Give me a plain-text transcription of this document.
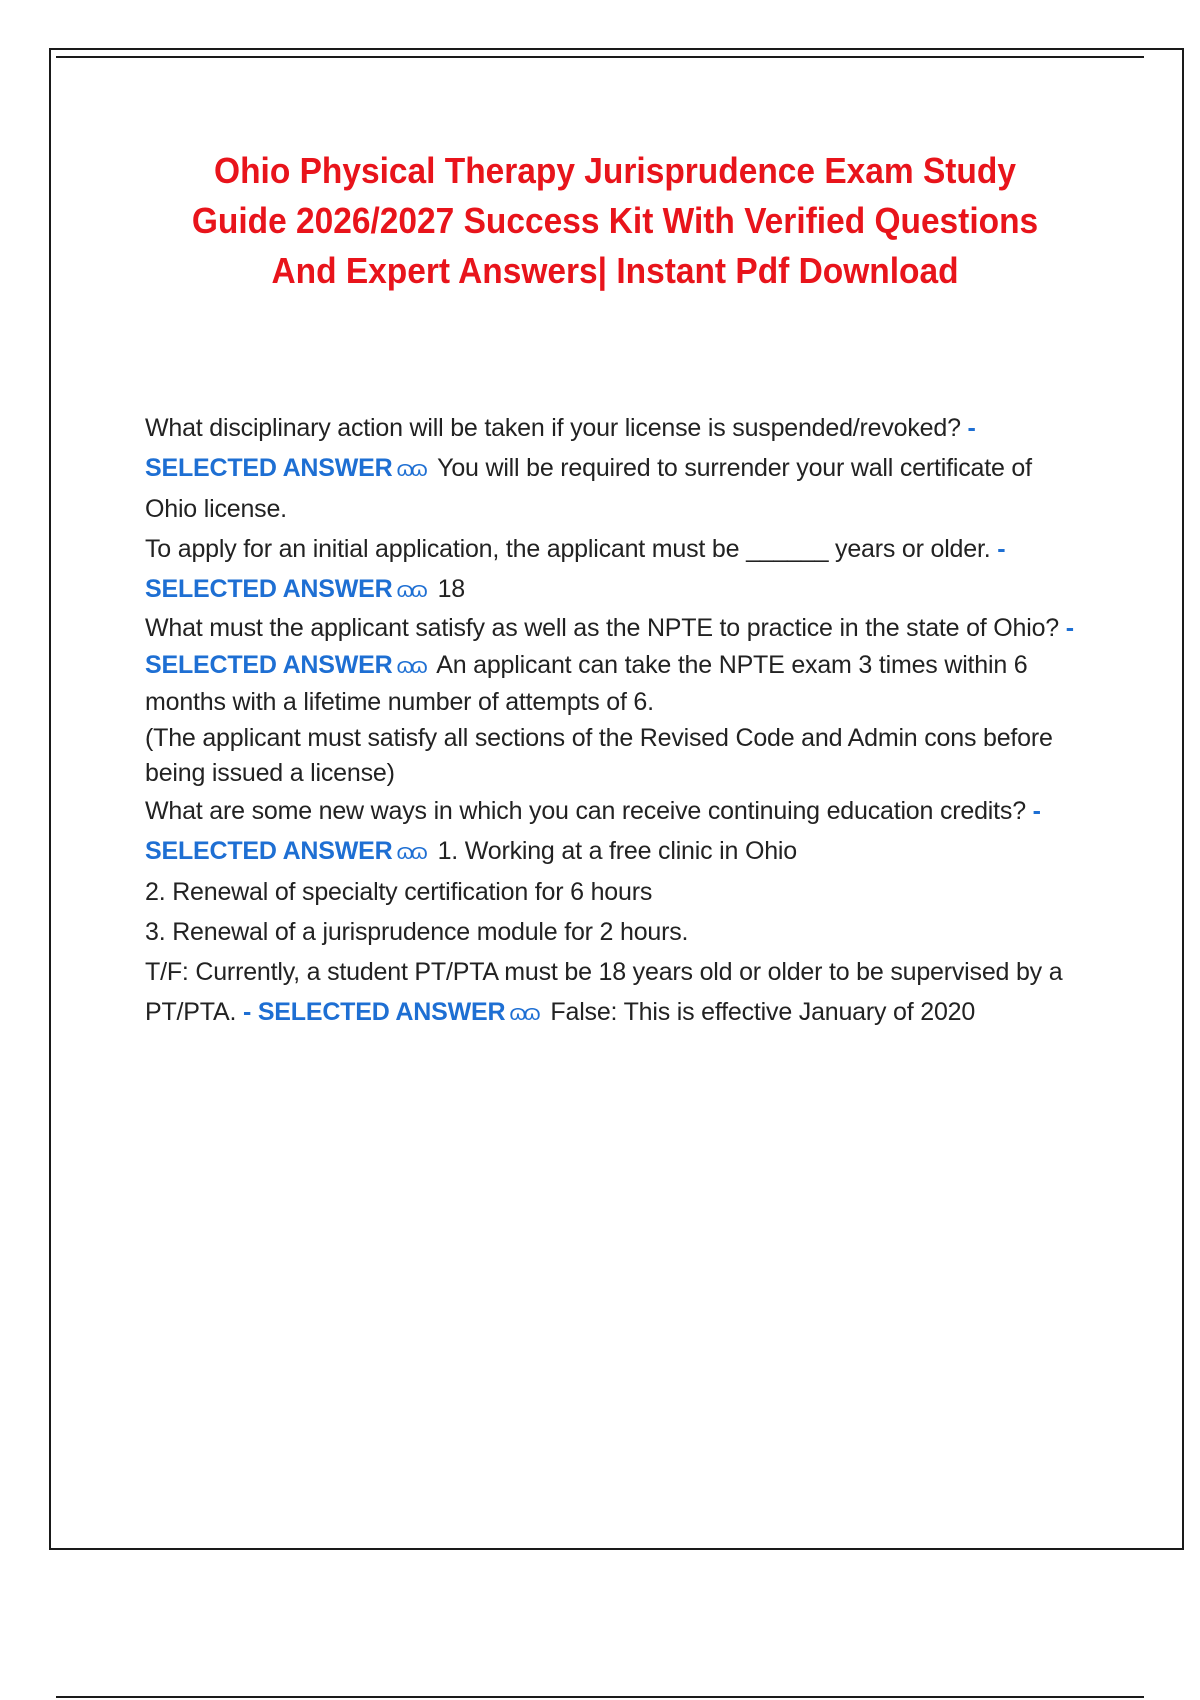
Ohio Physical Therapy Jurisprudence Exam Study Guide 2026/2027 Success Kit With Verified Questions And Expert Answers| Instant Pdf Download

What disciplinary action will be taken if your license is suspended/revoked? - SELECTED ANSWER ɷɷ You will be required to surrender your wall certificate of Ohio license.

To apply for an initial application, the applicant must be ______ years or older. - SELECTED ANSWER ɷɷ 18

What must the applicant satisfy as well as the NPTE to practice in the state of Ohio? - SELECTED ANSWER ɷɷ An applicant can take the NPTE exam 3 times within 6 months with a lifetime number of attempts of 6.

(The applicant must satisfy all sections of the Revised Code and Admin cons before being issued a license)

What are some new ways in which you can receive continuing education credits? - SELECTED ANSWER ɷɷ 1. Working at a free clinic in Ohio

2. Renewal of specialty certification for 6 hours

3. Renewal of a jurisprudence module for 2 hours.

T/F: Currently, a student PT/PTA must be 18 years old or older to be supervised by a PT/PTA. - SELECTED ANSWER ɷɷ False: This is effective January of 2020
